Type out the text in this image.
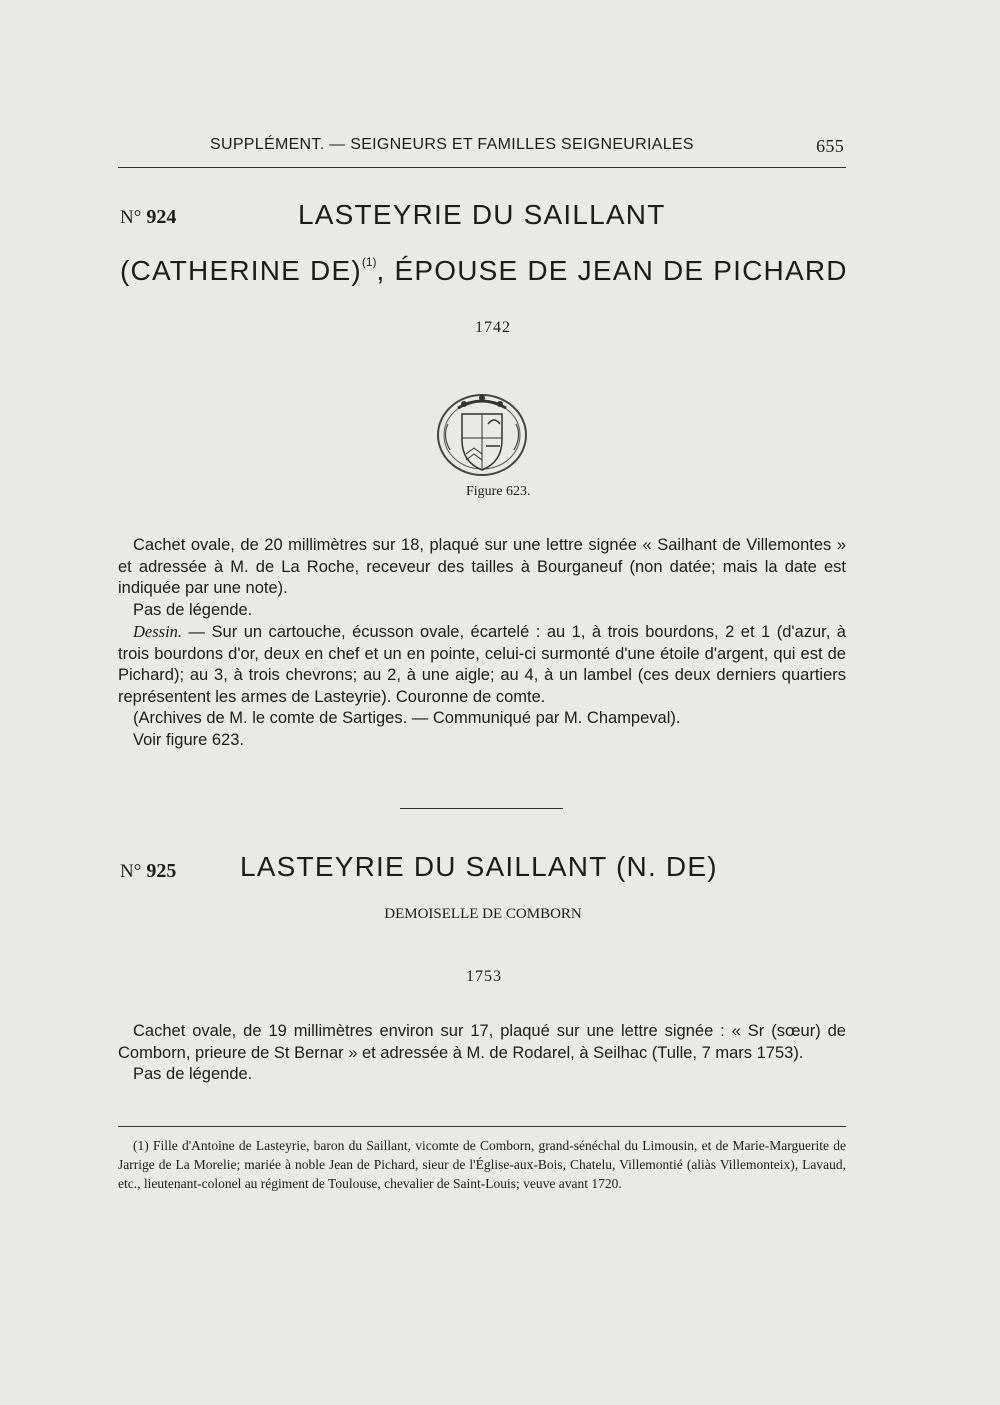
SUPPLÉMENT. — SEIGNEURS ET FAMILLES SEIGNEURIALES	655
N° 924	LASTEYRIE DU SAILLANT
(CATHERINE DE)$^{(1)}$, ÉPOUSE DE JEAN DE PICHARD
1742
Figure 623.

Cachet ovale, de 20 millimètres sur 18, plaqué sur une lettre signée « Sailhant de Villemontes » et adressée à M. de La Roche, receveur des tailles à Bourganeuf (non datée; mais la date est indiquée par une note).

Pas de légende.

Dessin. — Sur un cartouche, écusson ovale, écartelé : au 1, à trois bourdons, 2 et 1 (d'azur, à trois bourdons d'or, deux en chef et un en pointe, celui-ci surmonté d'une étoile d'argent, qui est de Pichard); au 3, à trois chevrons; au 2, à une aigle; au 4, à un lambel (ces deux derniers quartiers représentent les armes de Lasteyrie). Couronne de comte.

(Archives de M. le comte de Sartiges. — Communiqué par M. Champeval).

Voir figure 623.

N° 925 LASTEYRIE DU SAILLANT (N. DE)
DEMOISELLE DE COMBORN
1753

Cachet ovale, de 19 millimètres environ sur 17, plaqué sur une lettre signée : « Sr (sœur) de Comborn, prieure de St Bernar » et adressée à M. de Rodarel, à Seilhac (Tulle, 7 mars 1753).

Pas de légende.

(1) Fille d'Antoine de Lasteyrie, baron du Saillant, vicomte de Comborn, grand-sénéchal du Limousin, et de Marie-Marguerite de Jarrige de La Morelie; mariée à noble Jean de Pichard, sieur de l'Église-aux-Bois, Chatelu, Villemontié (aliàs Villemonteix), Lavaud, etc., lieutenant-colonel au régiment de Toulouse, chevalier de Saint-Louis; veuve avant 1720.
